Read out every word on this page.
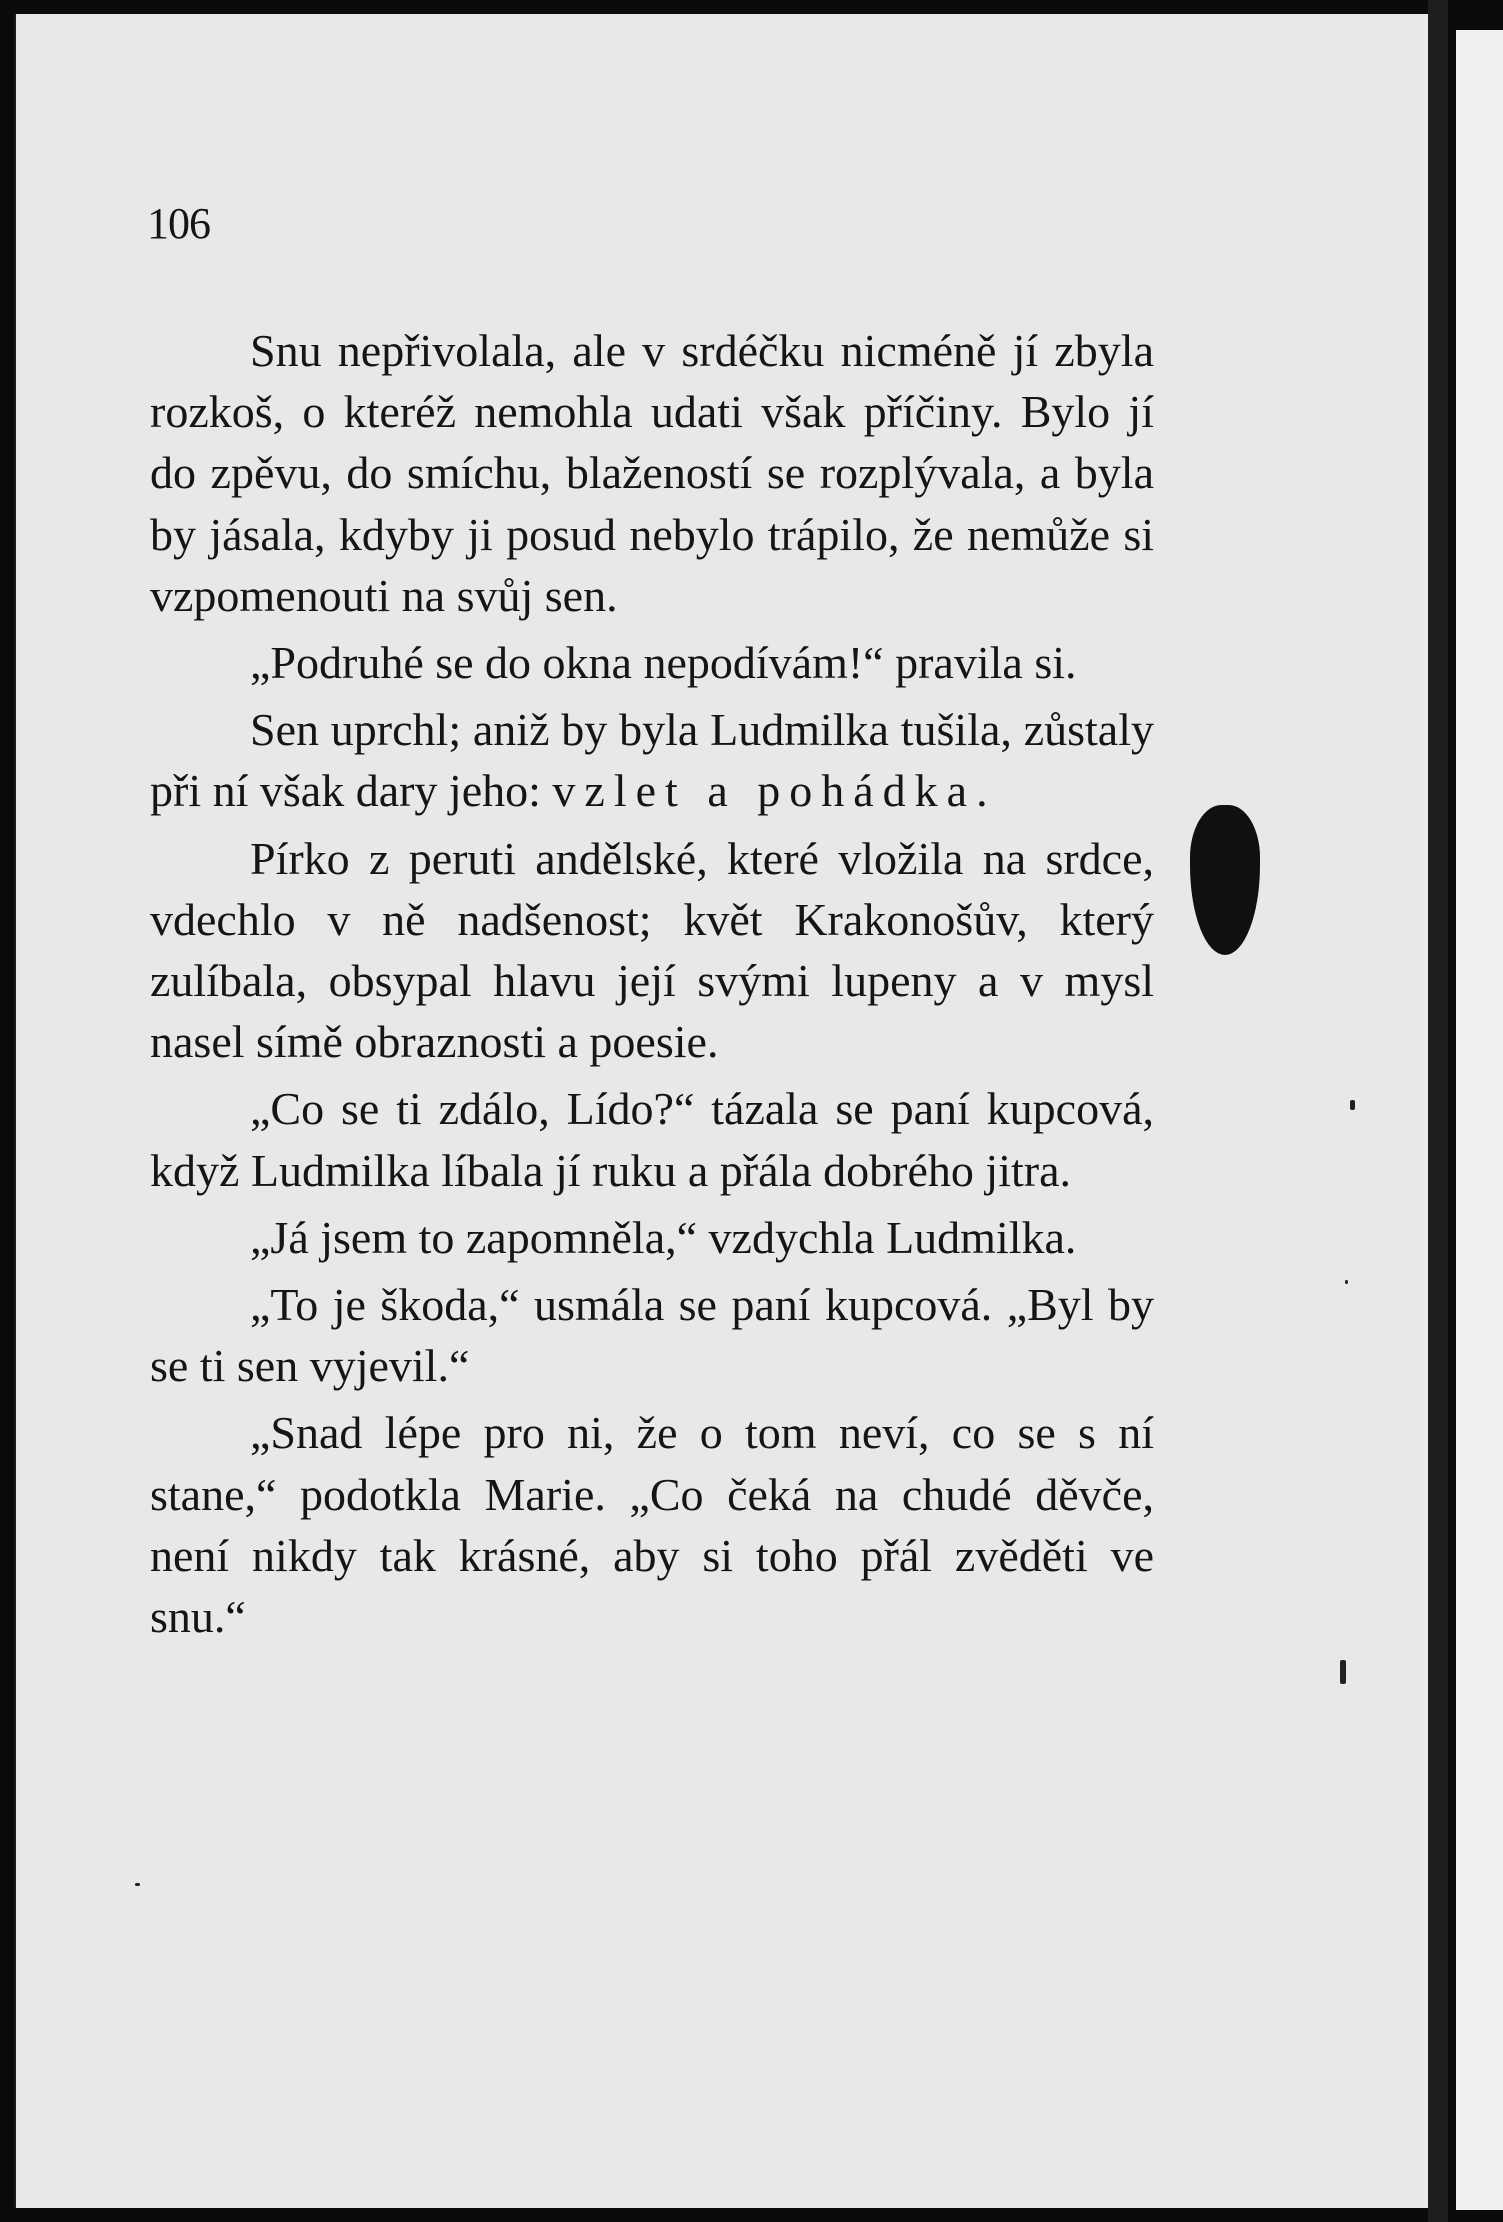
106

Snu nepřivolala, ale v srdéčku nicméně jí zbyla rozkoš, o kteréž nemohla udati však příčiny. Bylo jí do zpěvu, do smíchu, blažeností se rozplývala, a byla by jásala, kdyby ji posud nebylo trápilo, že nemůže si vzpomenouti na svůj sen.

„Podruhé se do okna nepodívám!“ pravila si.

Sen uprchl; aniž by byla Ludmilka tušila, zůstaly při ní však dary jeho: vzlet a pohádka.

Pírko z peruti andělské, které vložila na srdce, vdechlo v ně nadšenost; květ Krakonošův, který zulíbala, obsypal hlavu její svými lupeny a v mysl nasel símě obraznosti a poesie.

„Co se ti zdálo, Lído?“ tázala se paní kupcová, když Ludmilka líbala jí ruku a přála dobrého jitra.

„Já jsem to zapomněla,“ vzdychla Ludmilka.

„To je škoda,“ usmála se paní kupcová. „Byl by se ti sen vyjevil.“

„Snad lépe pro ni, že o tom neví, co se s ní stane,“ podotkla Marie. „Co čeká na chudé děvče, není nikdy tak krásné, aby si toho přál zvěděti ve snu.“
